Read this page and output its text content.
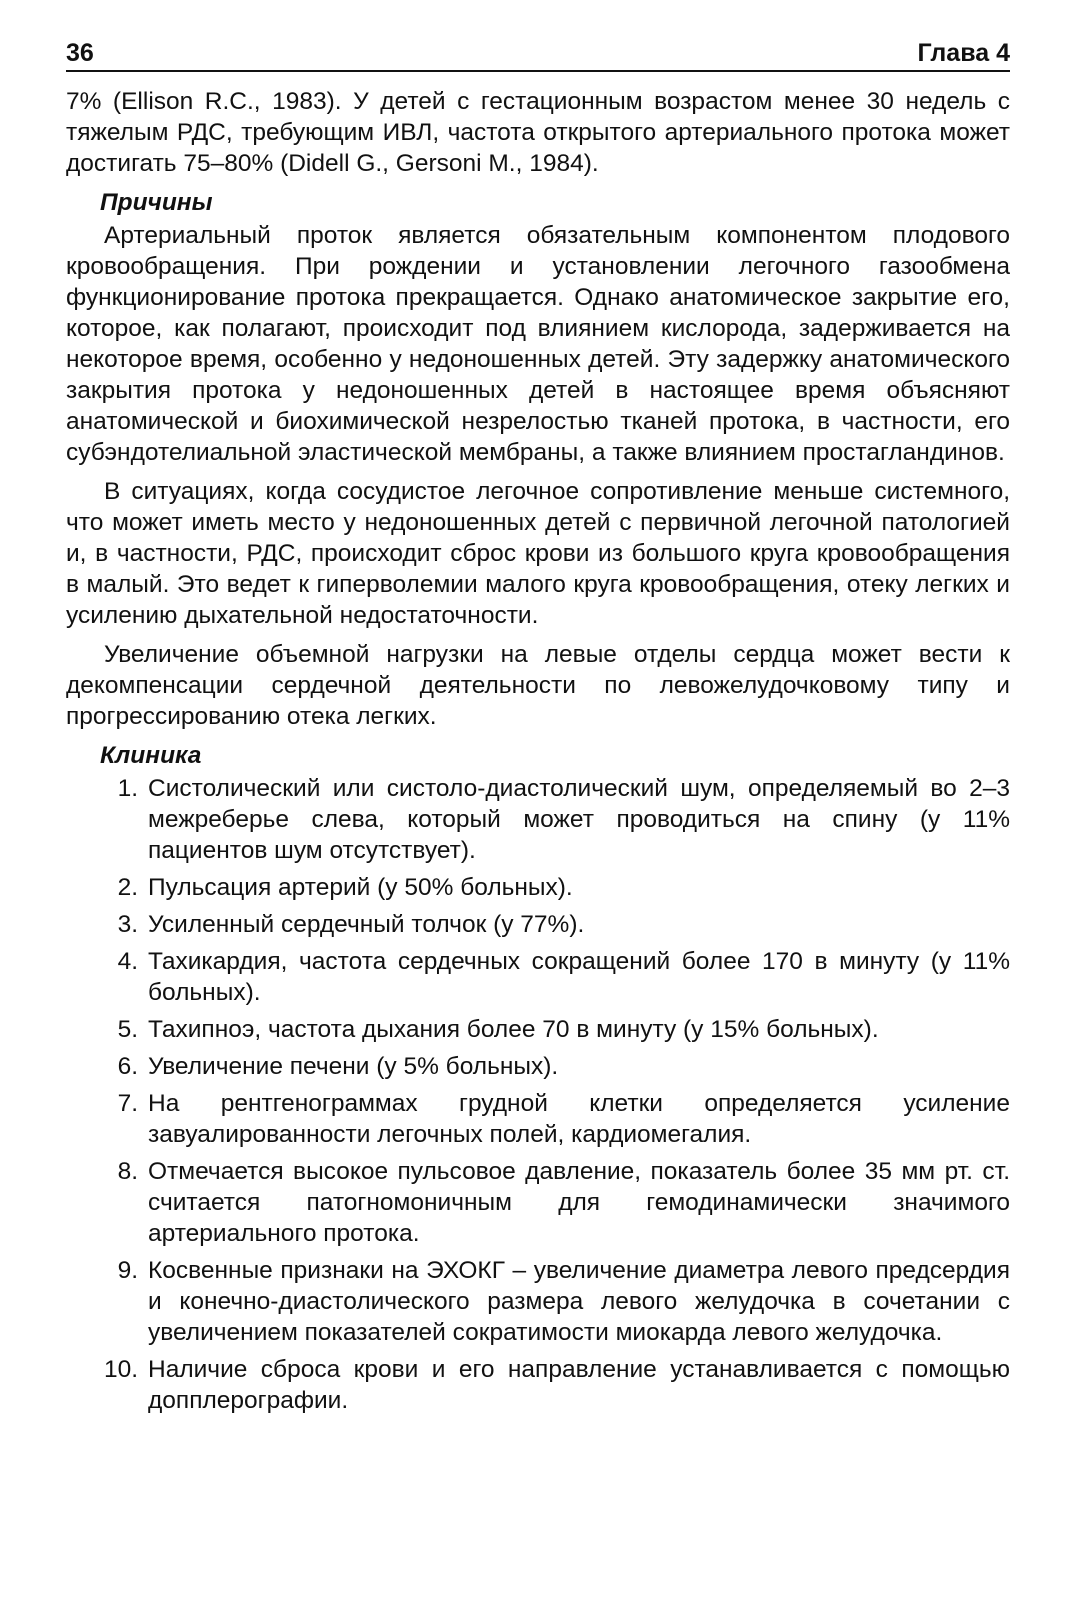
36	Глава 4

7% (Ellison R.C., 1983). У детей с гестационным возрастом менее 30 недель с тяжелым РДС, требующим ИВЛ, частота открытого артериального протока может достигать 75–80% (Didell G., Gersoni M., 1984).

Причины

Артериальный проток является обязательным компонентом плодового кровообращения. При рождении и установлении легочного газообмена функционирование протока прекращается. Однако анатомическое закрытие его, которое, как полагают, происходит под влиянием кислорода, задерживается на некоторое время, особенно у недоношенных детей. Эту задержку анатомического закрытия протока у недоношенных детей в настоящее время объясняют анатомической и биохимической незрелостью тканей протока, в частности, его субэндотелиальной эластической мембраны, а также влиянием простагландинов.

В ситуациях, когда сосудистое легочное сопротивление меньше системного, что может иметь место у недоношенных детей с первичной легочной патологией и, в частности, РДС, происходит сброс крови из большого круга кровообращения в малый. Это ведет к гиперволемии малого круга кровообращения, отеку легких и усилению дыхательной недостаточности.

Увеличение объемной нагрузки на левые отделы сердца может вести к декомпенсации сердечной деятельности по левожелудочковому типу и прогрессированию отека легких.

Клиника
1. Систолический или систоло-диастолический шум, определяемый во 2–3 межреберье слева, который может проводиться на спину (у 11% пациентов шум отсутствует).
2. Пульсация артерий (у 50% больных).
3. Усиленный сердечный толчок (у 77%).
4. Тахикардия, частота сердечных сокращений более 170 в минуту (у 11% больных).
5. Тахипноэ, частота дыхания более 70 в минуту (у 15% больных).
6. Увеличение печени (у 5% больных).
7. На рентгенограммах грудной клетки определяется усиление завуалированности легочных полей, кардиомегалия.
8. Отмечается высокое пульсовое давление, показатель более 35 мм рт. ст. считается патогномоничным для гемодинамически значимого артериального протока.
9. Косвенные признаки на ЭХОКГ – увеличение диаметра левого предсердия и конечно-диастолического размера левого желудочка в сочетании с увеличением показателей сократимости миокарда левого желудочка.
10. Наличие сброса крови и его направление устанавливается с помощью допплерографии.
